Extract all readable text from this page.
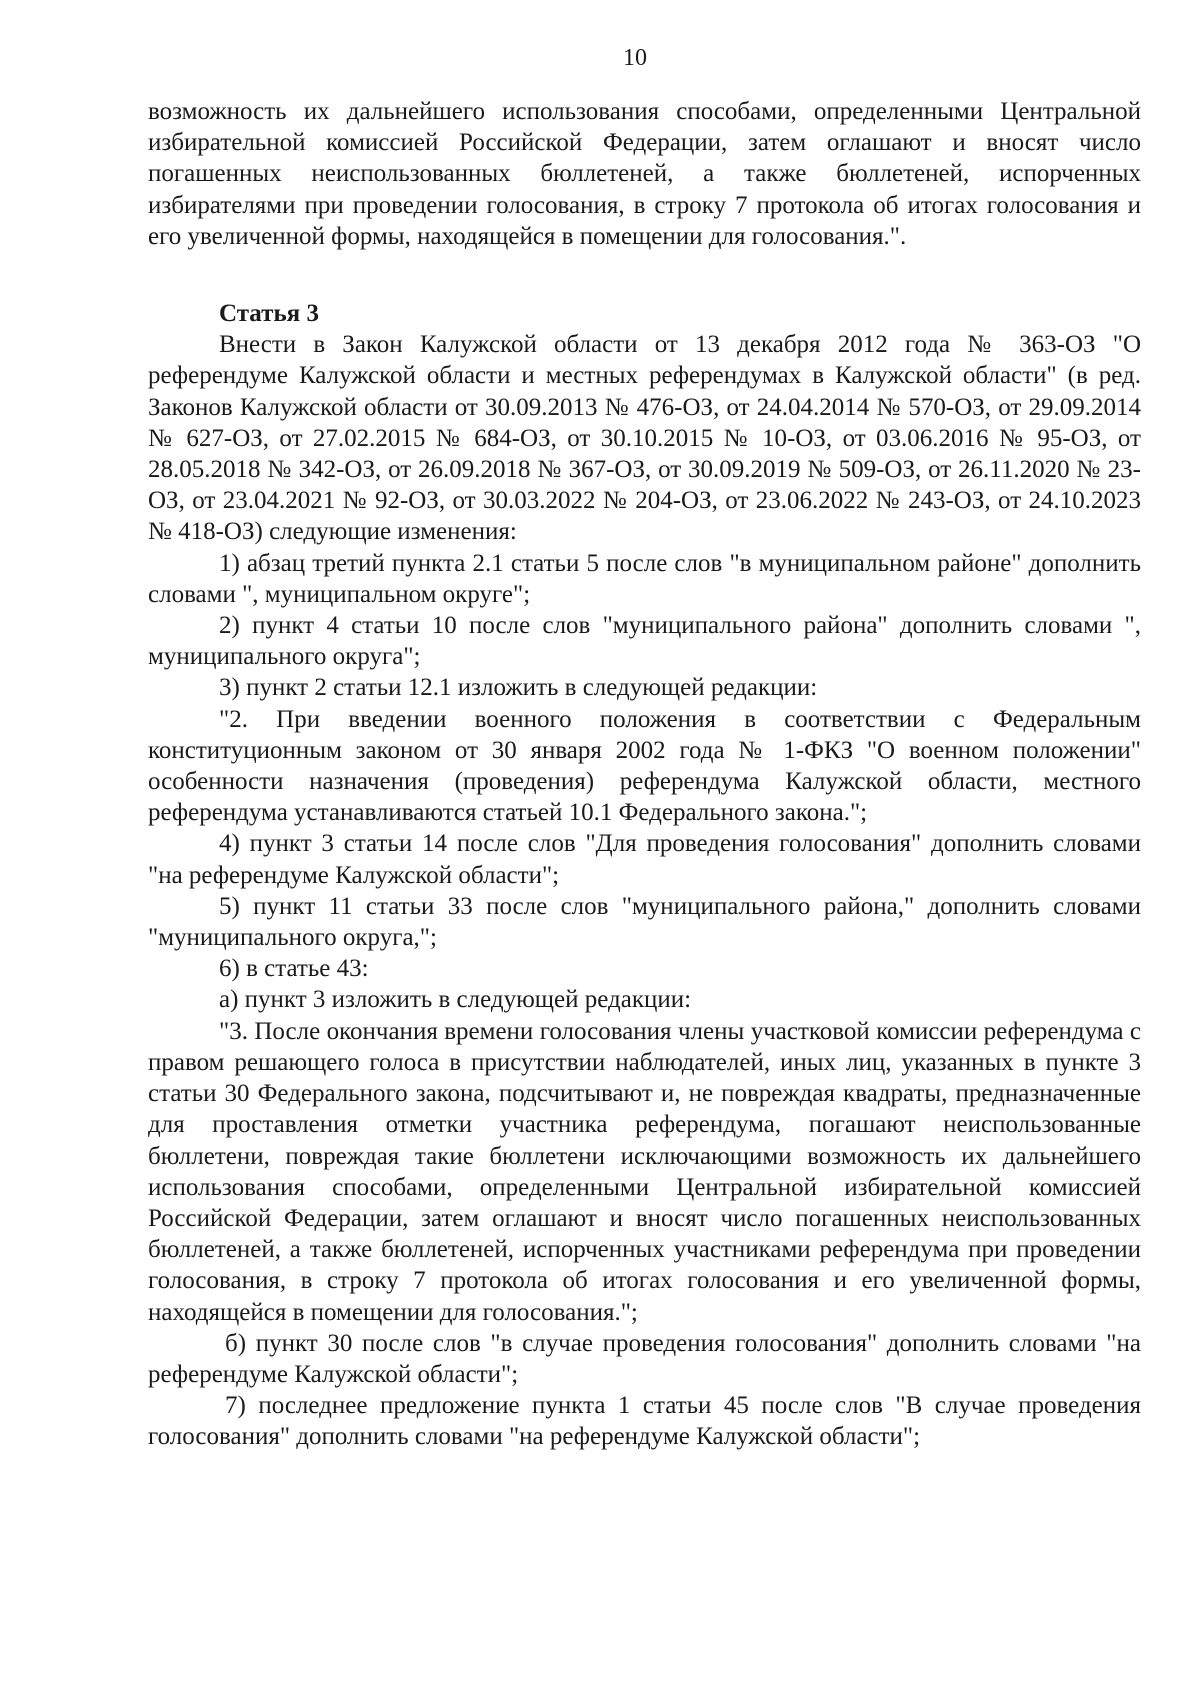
10

возможность их дальнейшего использования способами, определенными Центральной избирательной комиссией Российской Федерации, затем оглашают и вносят число погашенных неиспользованных бюллетеней, а также бюллетеней, испорченных избирателями при проведении голосования, в строку 7 протокола об итогах голосования и его увеличенной формы, находящейся в помещении для голосования.".

Статья 3

Внести в Закон Калужской области от 13 декабря 2012 года № 363-ОЗ "О референдуме Калужской области и местных референдумах в Калужской области" (в ред. Законов Калужской области от 30.09.2013 № 476-ОЗ, от 24.04.2014 № 570-ОЗ, от 29.09.2014 № 627-ОЗ, от 27.02.2015 № 684-ОЗ, от 30.10.2015 № 10-ОЗ, от 03.06.2016 № 95-ОЗ, от 28.05.2018 № 342-ОЗ, от 26.09.2018 № 367-ОЗ, от 30.09.2019 № 509-ОЗ, от 26.11.2020 № 23-ОЗ, от 23.04.2021 № 92-ОЗ, от 30.03.2022 № 204-ОЗ, от 23.06.2022 № 243-ОЗ, от 24.10.2023 № 418-ОЗ) следующие изменения:

1) абзац третий пункта 2.1 статьи 5 после слов "в муниципальном районе" дополнить словами ", муниципальном округе";

2) пункт 4 статьи 10 после слов "муниципального района" дополнить словами ", муниципального округа";

3) пункт 2 статьи 12.1 изложить в следующей редакции:

"2. При введении военного положения в соответствии с Федеральным конституционным законом от 30 января 2002 года № 1-ФКЗ "О военном положении" особенности назначения (проведения) референдума Калужской области, местного референдума устанавливаются статьей 10.1 Федерального закона.";

4) пункт 3 статьи 14 после слов "Для проведения голосования" дополнить словами "на референдуме Калужской области";

5) пункт 11 статьи 33 после слов "муниципального района," дополнить словами "муниципального округа,";

6) в статье 43:

а) пункт 3 изложить в следующей редакции:

"3. После окончания времени голосования члены участковой комиссии референдума с правом решающего голоса в присутствии наблюдателей, иных лиц, указанных в пункте 3 статьи 30 Федерального закона, подсчитывают и, не повреждая квадраты, предназначенные для проставления отметки участника референдума, погашают неиспользованные бюллетени, повреждая такие бюллетени исключающими возможность их дальнейшего использования способами, определенными Центральной избирательной комиссией Российской Федерации, затем оглашают и вносят число погашенных неиспользованных бюллетеней, а также бюллетеней, испорченных участниками референдума при проведении голосования, в строку 7 протокола об итогах голосования и его увеличенной формы, находящейся в помещении для голосования.";

б) пункт 30 после слов "в случае проведения голосования" дополнить словами "на референдуме Калужской области";

7) последнее предложение пункта 1 статьи 45 после слов "В случае проведения голосования" дополнить словами "на референдуме Калужской области";
